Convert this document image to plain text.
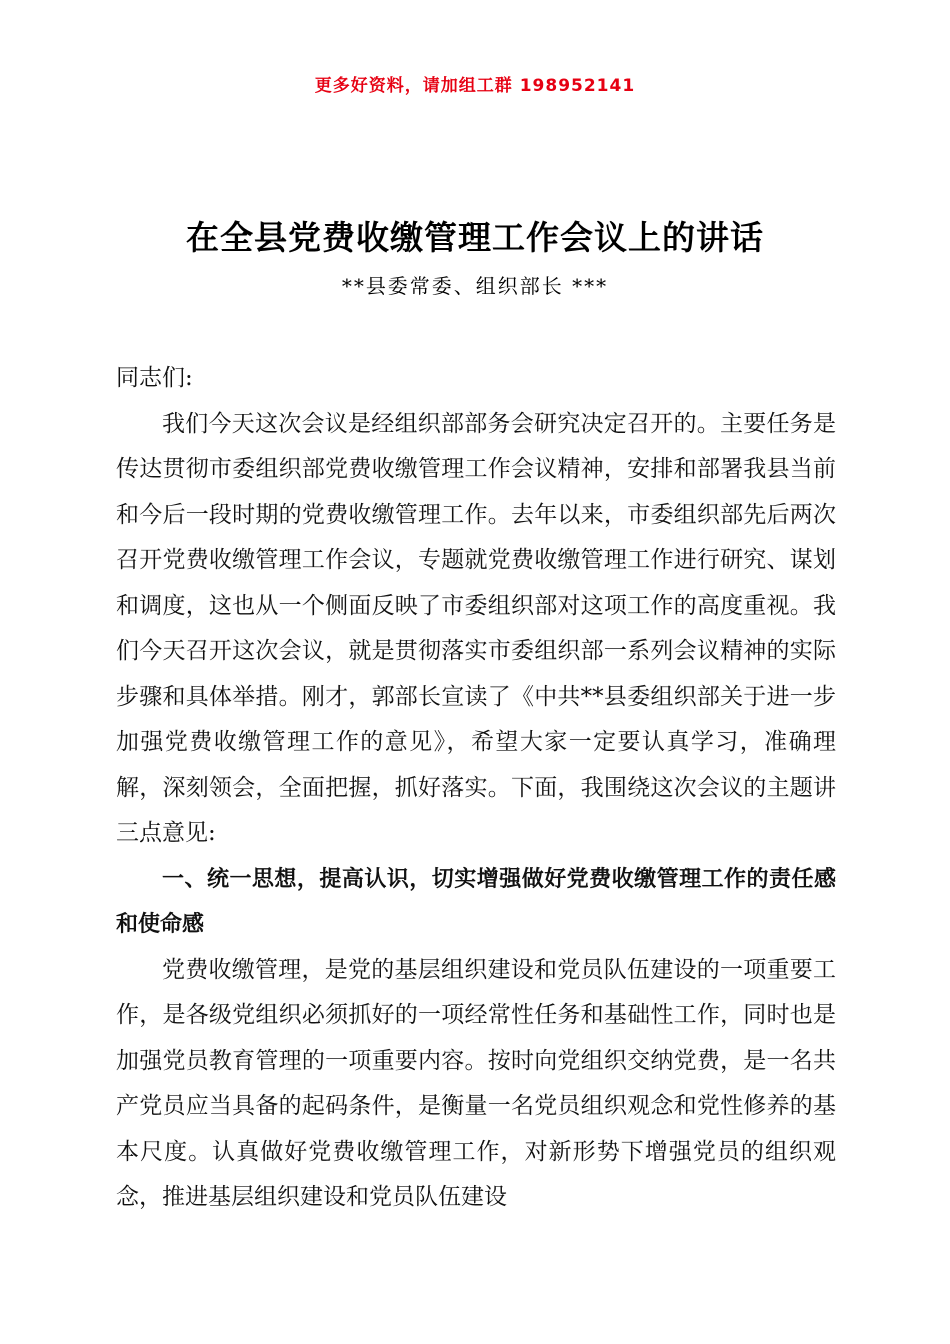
更多好资料，请加组工群 198952141
在全县党费收缴管理工作会议上的讲话
**县委常委、组织部长 ***

同志们:

我们今天这次会议是经组织部部务会研究决定召开的。主要任务是传达贯彻市委组织部党费收缴管理工作会议精神，安排和部署我县当前和今后一段时期的党费收缴管理工作。去年以来，市委组织部先后两次召开党费收缴管理工作会议，专题就党费收缴管理工作进行研究、谋划和调度，这也从一个侧面反映了市委组织部对这项工作的高度重视。我们今天召开这次会议，就是贯彻落实市委组织部一系列会议精神的实际步骤和具体举措。刚才，郭部长宣读了《中共**县委组织部关于进一步加强党费收缴管理工作的意见》，希望大家一定要认真学习，准确理解，深刻领会，全面把握，抓好落实。下面，我围绕这次会议的主题讲三点意见:

一、统一思想，提高认识，切实增强做好党费收缴管理工作的责任感和使命感

党费收缴管理，是党的基层组织建设和党员队伍建设的一项重要工作，是各级党组织必须抓好的一项经常性任务和基础性工作，同时也是加强党员教育管理的一项重要内容。按时向党组织交纳党费，是一名共产党员应当具备的起码条件，是衡量一名党员组织观念和党性修养的基本尺度。认真做好党费收缴管理工作，对新形势下增强党员的组织观念，推进基层组织建设和党员队伍建设
